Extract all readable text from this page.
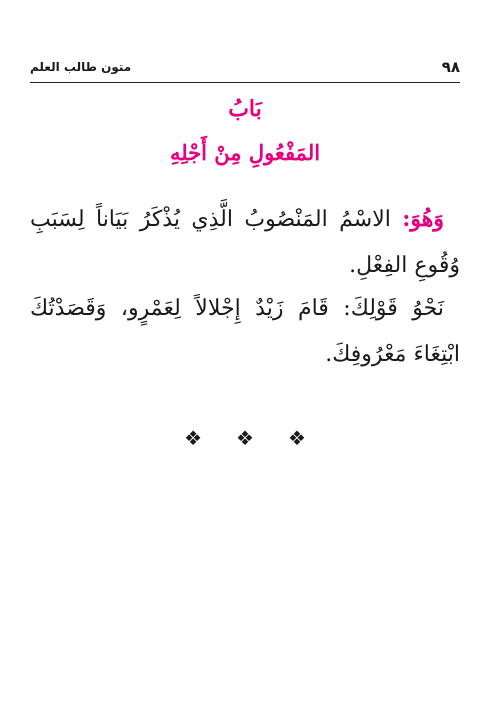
٩٨
متون طالب العلم
بَابُ
المَفْعُولِ مِنْ أَجْلِهِ
وَهُوَ: الاسْمُ المَنْصُوبُ الَّذِي يُذْكَرُ بَيَاناً لِسَبَبِ وُقُوعِ الفِعْلِ.
نَحْوُ قَوْلِكَ: قَامَ زَيْدٌ إِجْلالاً لِعَمْرٍو، وَقَصَدْتُكَ ابْتِغَاءَ مَعْرُوفِكَ.
❖❖❖
